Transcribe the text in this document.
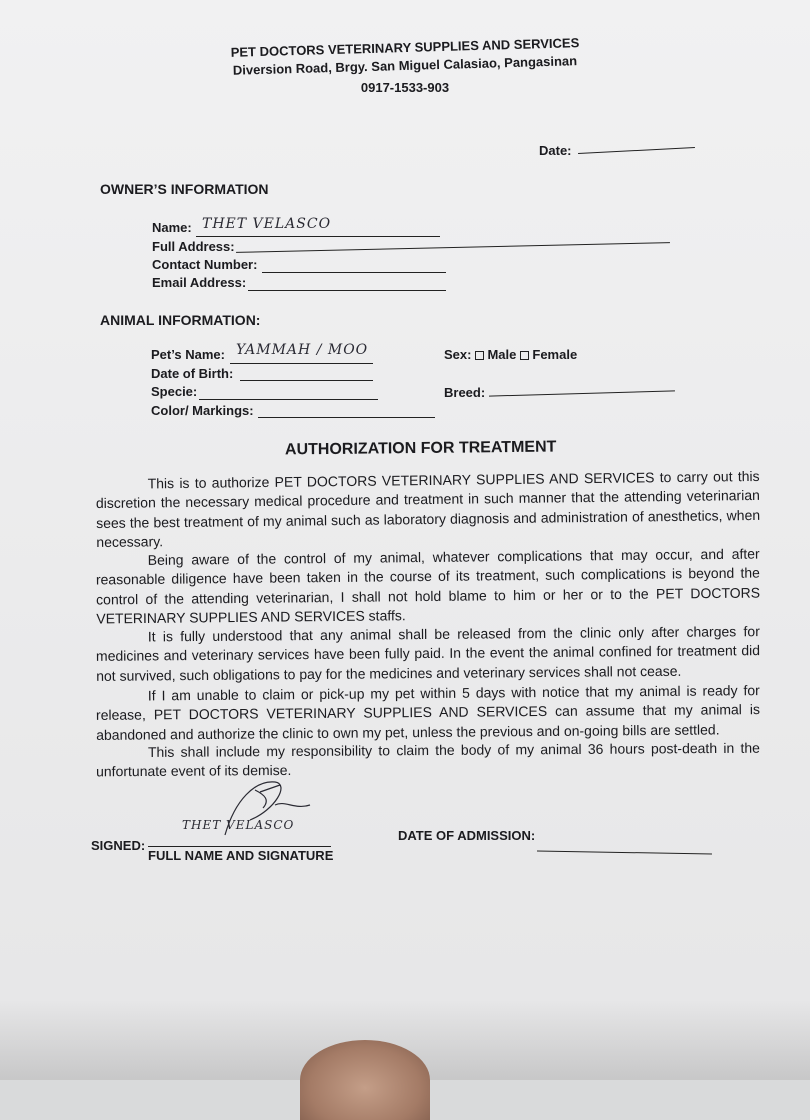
PET DOCTORS VETERINARY SUPPLIES AND SERVICES
Diversion Road, Brgy. San Miguel Calasiao, Pangasinan
0917-1533-903
Date:
OWNER’S INFORMATION
Name: THET VELASCO
Full Address:
Contact Number:
Email Address:
ANIMAL INFORMATION:
Pet’s Name: YAMMAH / MOO	Sex: Male Female
Date of Birth:
Specie:	Breed:
Color/ Markings:
AUTHORIZATION FOR TREATMENT
This is to authorize PET DOCTORS VETERINARY SUPPLIES AND SERVICES to carry out this discretion the necessary medical procedure and treatment in such manner that the attending veterinarian sees the best treatment of my animal such as laboratory diagnosis and administration of anesthetics, when necessary.
Being aware of the control of my animal, whatever complications that may occur, and after reasonable diligence have been taken in the course of its treatment, such complications is beyond the control of the attending veterinarian, I shall not hold blame to him or her or to the PET DOCTORS VETERINARY SUPPLIES AND SERVICES staffs.
It is fully understood that any animal shall be released from the clinic only after charges for medicines and veterinary services have been fully paid. In the event the animal confined for treatment did not survived, such obligations to pay for the medicines and veterinary services shall not cease.
If I am unable to claim or pick-up my pet within 5 days with notice that my animal is ready for release, PET DOCTORS VETERINARY SUPPLIES AND SERVICES can assume that my animal is abandoned and authorize the clinic to own my pet, unless the previous and on-going bills are settled.
This shall include my responsibility to claim the body of my animal 36 hours post-death in the unfortunate event of its demise.
SIGNED:
THET VELASCO
FULL NAME AND SIGNATURE
DATE OF ADMISSION:
